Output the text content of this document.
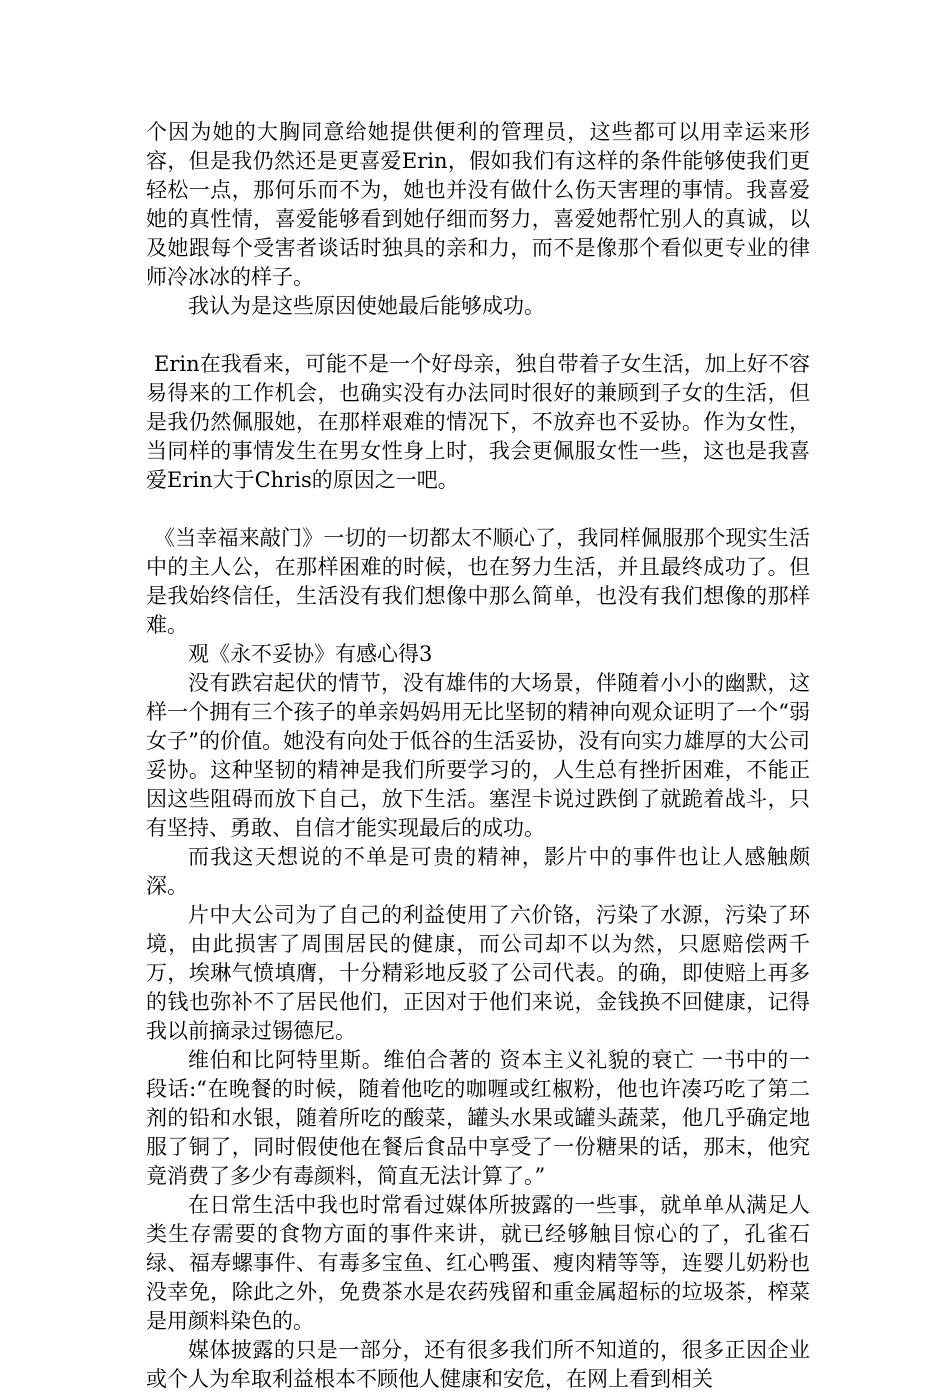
个因为她的大胸同意给她提供便利的管理员，这些都可以用幸运来形容，但是我仍然还是更喜爱Erin，假如我们有这样的条件能够使我们更轻松一点，那何乐而不为，她也并没有做什么伤天害理的事情。我喜爱她的真性情，喜爱能够看到她仔细而努力，喜爱她帮忙别人的真诚，以及她跟每个受害者谈话时独具的亲和力，而不是像那个看似更专业的律师冷冰冰的样子。

我认为是这些原因使她最后能够成功。

Erin在我看来，可能不是一个好母亲，独自带着子女生活，加上好不容易得来的工作机会，也确实没有办法同时很好的兼顾到子女的生活，但是我仍然佩服她，在那样艰难的情况下，不放弃也不妥协。作为女性，当同样的事情发生在男女性身上时，我会更佩服女性一些，这也是我喜爱Erin大于Chris的原因之一吧。

《当幸福来敲门》一切的一切都太不顺心了，我同样佩服那个现实生活中的主人公，在那样困难的时候，也在努力生活，并且最终成功了。但是我始终信任，生活没有我们想像中那么简单，也没有我们想像的那样难。

观《永不妥协》有感心得3

没有跌宕起伏的情节，没有雄伟的大场景，伴随着小小的幽默，这样一个拥有三个孩子的单亲妈妈用无比坚韧的精神向观众证明了一个“弱女子”的价值。她没有向处于低谷的生活妥协，没有向实力雄厚的大公司妥协。这种坚韧的精神是我们所要学习的，人生总有挫折困难，不能正因这些阻碍而放下自己，放下生活。塞涅卡说过跌倒了就跪着战斗，只有坚持、勇敢、自信才能实现最后的成功。

而我这天想说的不单是可贵的精神，影片中的事件也让人感触颇深。

片中大公司为了自己的利益使用了六价铬，污染了水源，污染了环境，由此损害了周围居民的健康，而公司却不以为然，只愿赔偿两千万，埃琳气愤填膺，十分精彩地反驳了公司代表。的确，即使赔上再多的钱也弥补不了居民他们，正因对于他们来说，金钱换不回健康，记得我以前摘录过锡德尼。

维伯和比阿特里斯。维伯合著的 资本主义礼貌的衰亡 一书中的一段话:“在晚餐的时候，随着他吃的咖喱或红椒粉，他也许凑巧吃了第二剂的铅和水银，随着所吃的酸菜，罐头水果或罐头蔬菜，他几乎确定地服了铜了，同时假使他在餐后食品中享受了一份糖果的话，那末，他究竟消费了多少有毒颜料，简直无法计算了。”

在日常生活中我也时常看过媒体所披露的一些事，就单单从满足人类生存需要的食物方面的事件来讲，就已经够触目惊心的了，孔雀石绿、福寿螺事件、有毒多宝鱼、红心鸭蛋、瘦肉精等等，连婴儿奶粉也没幸免，除此之外，免费茶水是农药残留和重金属超标的垃圾茶，榨菜是用颜料染色的。

媒体披露的只是一部分，还有很多我们所不知道的，很多正因企业或个人为牟取利益根本不顾他人健康和安危，在网上看到相关
